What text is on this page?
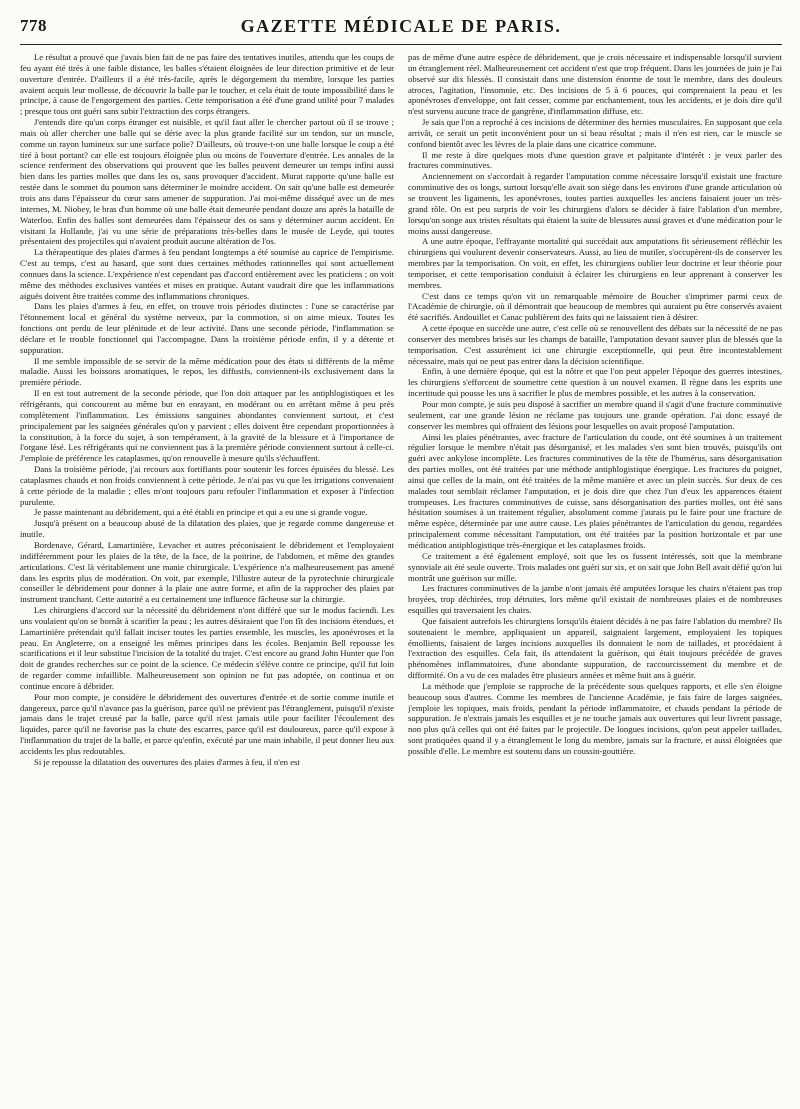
778	GAZETTE MÉDICALE DE PARIS.

Le résultat a prouvé que j'avais bien fait de ne pas faire des tentatives inutiles, attendu que les coups de feu ayant été tirés à une faible distance, les balles s'étaient éloignées de leur direction primitive et de leur ouverture d'entrée. D'ailleurs il a été très-facile, après le dégorgement du membre, lorsque les parties avaient acquis leur mollesse, de découvrir la balle par le toucher, et cela était de toute impossibilité dans le principe, à cause de l'engorgement des parties. Cette temporisation a été d'une grand utilité pour 7 malades ; presque tous ont guéri sans subir l'extraction des corps étrangers.

J'entends dire qu'un corps étranger est nuisible, et qu'il faut aller le chercher partout où il se trouve ; mais où aller chercher une balle qui se dérie avec la plus grande facilité sur un tendon, sur un muscle, comme un rayon lumineux sur une surface polie? D'ailleurs, où trouve-t-on une balle lorsque le coup a été tiré à bout portant? car elle est toujours éloignée plus ou moins de l'ouverture d'entrée. Les annales de la science renferment des observations qui prouvent que les balles peuvent demeurer un temps infini aussi bien dans les parties molles que dans les os, sans provoquer d'accident. Murat rapporte qu'une balle est restée dans le sommet du poumon sans déterminer le moindre accident. On sait qu'une balle est demeurée trois ans dans l'épaisseur du cœur sans amener de suppuration. J'ai moi-même disséqué avec un de mes internes, M. Niobey, le bras d'un homme où une balle était demeurée pendant douze ans après la bataille de Waterloo. Enfin des balles sont demeurées dans l'épaisseur des os sans y déterminer aucun accident. En visitant la Hollande, j'ai vu une série de préparations très-belles dans le musée de Leyde, qui toutes présentaient des projectiles qui n'avaient produit aucune altération de l'os.

La thérapeutique des plaies d'armes à feu pendant longtemps a été soumise au caprice de l'empirisme. C'est au temps, c'est au hasard, que sont dues certaines méthodes rationnelles qui sont actuellement connues dans la science. L'expérience n'est cependant pas d'accord entièrement avec les praticiens ; on voit même des méthodes exclusives vantées et mises en pratique. Autant vaudrait dire que les inflammations aiguës doivent être traitées comme des inflammations chroniques.

Dans les plaies d'armes à feu, en effet, on trouve trois périodes distinctes : l'une se caractérise par l'étonnement local et général du système nerveux, par la commotion, si on aime mieux. Toutes les fonctions ont perdu de leur plénitude et de leur activité. Dans une seconde période, l'inflammation se déclare et le trouble fonctionnel qui l'accompagne. Dans la troisième période enfin, il y a détente et suppuration.

Il me semble impossible de se servir de la même médication pour des états si différents de la même maladie. Aussi les boissons aromatiques, le repos, les diffusifs, conviennent-ils exclusivement dans la première période.

Il en est tout autrement de la seconde période, que l'on doit attaquer par les antiphlogistiques et les réfrigérants, qui concourent au même but en enrayant, en modérant ou en arrêtant même à peu près complètement l'inflammation. Les émissions sanguines abondantes conviennent surtout, et c'est principalement par les saignées générales qu'on y parvient ; elles doivent être cependant proportionnées à la constitution, à la force du sujet, à son tempérament, à la gravité de la blessure et à l'importance de l'organe lésé. Les réfrigérants qui ne conviennent pas à la première période conviennent surtout à celle-ci. J'emploie de préférence les cataplasmes, qu'on renouvelle à mesure qu'ils s'échauffent.

Dans la troisième période, j'ai recours aux fortifiants pour soutenir les forces épuisées du blessé. Les cataplasmes chauds et non froids conviennent à cette période. Je n'ai pas vu que les irrigations convenaient à cette période de la maladie ; elles m'ont toujours paru refouler l'inflammation et exposer à l'infection purulente.

Je passe maintenant au débridement, qui a été établi en principe et qui a eu une si grande vogue.

Jusqu'à présent on a beaucoup abusé de la dilatation des plaies, que je regarde comme dangereuse et inutile.

Bordenave, Gérard, Lamartinière, Levacher et autres préconisaient le débridement et l'employaient indifféremment pour les plaies de la tête, de la face, de la poitrine, de l'abdomen, et même des grandes articulations. C'est là véritablement une manie chirurgicale. L'expérience n'a malheureusement pas amené dans les esprits plus de modération. On voit, par exemple, l'illustre auteur de la pyrotechnie chirurgicale conseiller le débridement pour donner à la plaie une autre forme, et afin de la rapprocher des plaies par instrument tranchant. Cette autorité a eu certainement une influence fâcheuse sur la chirurgie.

Les chirurgiens d'accord sur la nécessité du débridement n'ont différé que sur le modus faciendi. Les uns voulaient qu'on se bornât à scarifier la peau ; les autres désiraient que l'on fît des incisions étendues, et Lamartinière prétendait qu'il fallait inciser toutes les parties ensemble, les muscles, les aponévroses et la peau. En Angleterre, on a enseigné les mêmes principes dans les écoles. Benjamin Bell repousse les scarifications et il leur substitue l'incision de la totalité du trajet. C'est encore au grand John Hunter que l'on doit de grandes recherches sur ce point de la science. Ce médecin s'élève contre ce principe, qu'il fut loin de regarder comme infaillible. Malheureusement son opinion ne fut pas adoptée, on continua et on continue encore à débrider.

Pour mon compte, je considère le débridement des ouvertures d'entrée et de sortie comme inutile et dangereux, parce qu'il n'avance pas la guérison, parce qu'il ne prévient pas l'étranglement, puisqu'il n'existe jamais dans le trajet creusé par la balle, parce qu'il n'est jamais utile pour faciliter l'écoulement des liquides, parce qu'il ne favorise pas la chute des escarres, parce qu'il est douloureux, parce qu'il expose à l'inflammation du trajet de la balle, et parce qu'enfin, exécuté par une main inhabile, il peut donner lieu aux accidents les plus redoutables.

Si je repousse la dilatation des ouvertures des plaies d'armes à feu, il n'en est

pas de même d'une autre espèce de débridement, que je crois nécessaire et indispensable lorsqu'il survient un étranglement réel. Malheureusement cet accident n'est que trop fréquent. Dans les journées de juin je l'ai observé sur dix blessés. Il consistait dans une distension énorme de tout le membre, dans des douleurs atroces, l'agitation, l'insomnie, etc. Des incisions de 5 à 6 pouces, qui comprenaient la peau et les aponévroses d'enveloppe, ont fait cesser, comme par enchantement, tous les accidents, et je dois dire qu'il n'est survenu aucune trace de gangrène, d'inflammation diffuse, etc.

Je sais que l'on a reproché à ces incisions de déterminer des hernies musculaires. En supposant que cela arrivât, ce serait un petit inconvénient pour un si beau résultat ; mais il n'en est rien, car le muscle se confond bientôt avec les lèvres de la plaie dans une cicatrice commune.

Il me reste à dire quelques mots d'une question grave et palpitante d'intérêt : je veux parler des fractures comminutives.

Anciennement on s'accordait à regarder l'amputation comme nécessaire lorsqu'il existait une fracture comminutive des os longs, surtout lorsqu'elle avait son siège dans les environs d'une grande articulation où se trouvent les ligaments, les aponévroses, toutes parties auxquelles les anciens faisaient jouer un très-grand rôle. On est peu surpris de voir les chirurgiens d'alors se décider à faire l'ablation d'un membre, lorsqu'on songe aux tristes résultats qui étaient la suite de blessures aussi graves et d'une médication pour le moins aussi dangereuse.

A une autre époque, l'effrayante mortalité qui succédait aux amputations fit sérieusement réfléchir les chirurgiens qui voulurent devenir conservateurs. Aussi, au lieu de mutiler, s'occupèrent-ils de conserver les membres par la temporisation. On voit, en effet, les chirurgiens oublier leur doctrine et leur théorie pour temporiser, et cette temporisation conduisit à éclairer les chirurgiens en leur apprenant à conserver les membres.

C'est dans ce temps qu'on vit un remarquable mémoire de Boucher s'imprimer parmi ceux de l'Académie de chirurgie, où il démontrait que beaucoup de membres qui auraient pu être conservés avaient été sacrifiés. Andouillet et Canac publièrent des faits qui ne laissaient rien à désirer.

A cette époque en succède une autre, c'est celle où se renouvellent des débats sur la nécessité de ne pas conserver des membres brisés sur les champs de bataille, l'amputation devant sauver plus de blessés que la temporisation. C'est assurément ici une chirurgie exceptionnelle, qui peut être incontestablement nécessaire, mais qui ne peut pas entrer dans la décision scientifique.

Enfin, à une dernière époque, qui est la nôtre et que l'on peut appeler l'époque des guerres intestines, les chirurgiens s'efforcent de soumettre cette question à un nouvel examen. Il règne dans les esprits une incertitude qui pousse les uns à sacrifier le plus de membres possible, et les autres à la conservation.

Pour mon compte, je suis peu disposé à sacrifier un membre quand il s'agit d'une fracture comminutive seulement, car une grande lésion ne réclame pas toujours une grande opération. J'ai donc essayé de conserver les membres qui offraient des lésions pour lesquelles on avait proposé l'amputation.

Ainsi les plaies pénétrantes, avec fracture de l'articulation du coude, ont été soumises à un traitement régulier lorsque le membre n'était pas désorganisé, et les malades s'en sont bien trouvés, puisqu'ils ont guéri avec ankylose incomplète. Les fractures comminutives de la tête de l'humérus, sans désorganisation des parties molles, ont été traitées par une méthode antiphlogistique énergique. Les fractures du poignet, ainsi que celles de la main, ont été traitées de la même manière et avec un plein succès. Sur deux de ces malades tout semblait réclamer l'amputation, et je dois dire que chez l'un d'eux les apparences étaient trompeuses. Les fractures comminutives de cuisse, sans désorganisation des parties molles, ont été sans hésitation soumises à un traitement régulier, absolument comme j'aurais pu le faire pour une fracture de même espèce, déterminée par une autre cause. Les plaies pénétrantes de l'articulation du genou, regardées principalement comme nécessitant l'amputation, ont été traitées par la position horizontale et par une médication antiphlogistique très-énergique et les cataplasmes froids.

Ce traitement a été également employé, soit que les os fussent intéressés, soit que la membrane synoviale ait été seule ouverte. Trois malades ont guéri sur six, et on sait que John Bell avait défié qu'on lui montrât une guérison sur mille.

Les fractures comminutives de la jambe n'ont jamais été amputées lorsque les chairs n'étaient pas trop broyées, trop déchirées, trop détruites, lors même qu'il existait de nombreuses plaies et de nombreuses esquilles qui traversaient les chairs.

Que faisaient autrefois les chirurgiens lorsqu'ils étaient décidés à ne pas faire l'ablation du membre? Ils soutenaient le membre, appliquaient un appareil, saignaient largement, employaient les topiques émollients, faisaient de larges incisions auxquelles ils donnaient le nom de taillades, et procédaient à l'extraction des esquilles. Cela fait, ils attendaient la guérison, qui était toujours précédée de graves phénomènes inflammatoires, d'une abondante suppuration, de raccourcissement du membre et de difformité. On a vu de ces malades être plusieurs années et même huit ans à guérir.

La méthode que j'emploie se rapproche de la précédente sous quelques rapports, et elle s'en éloigne beaucoup sous d'autres. Comme les membres de l'ancienne Académie, je fais faire de larges saignées, j'emploie les topiques, mais froids, pendant la période inflammatoire, et chauds pendant la période de suppuration. Je n'extrais jamais les esquilles et je ne touche jamais aux ouvertures qui leur livrent passage, non plus qu'à celles qui ont été faites par le projectile. De longues incisions, qu'on peut appeler taillades, sont pratiquées quand il y a étranglement le long du membre, jamais sur la fracture, et aussi éloignées que possible d'elle. Le membre est soutenu dans un coussin-gouttière.
